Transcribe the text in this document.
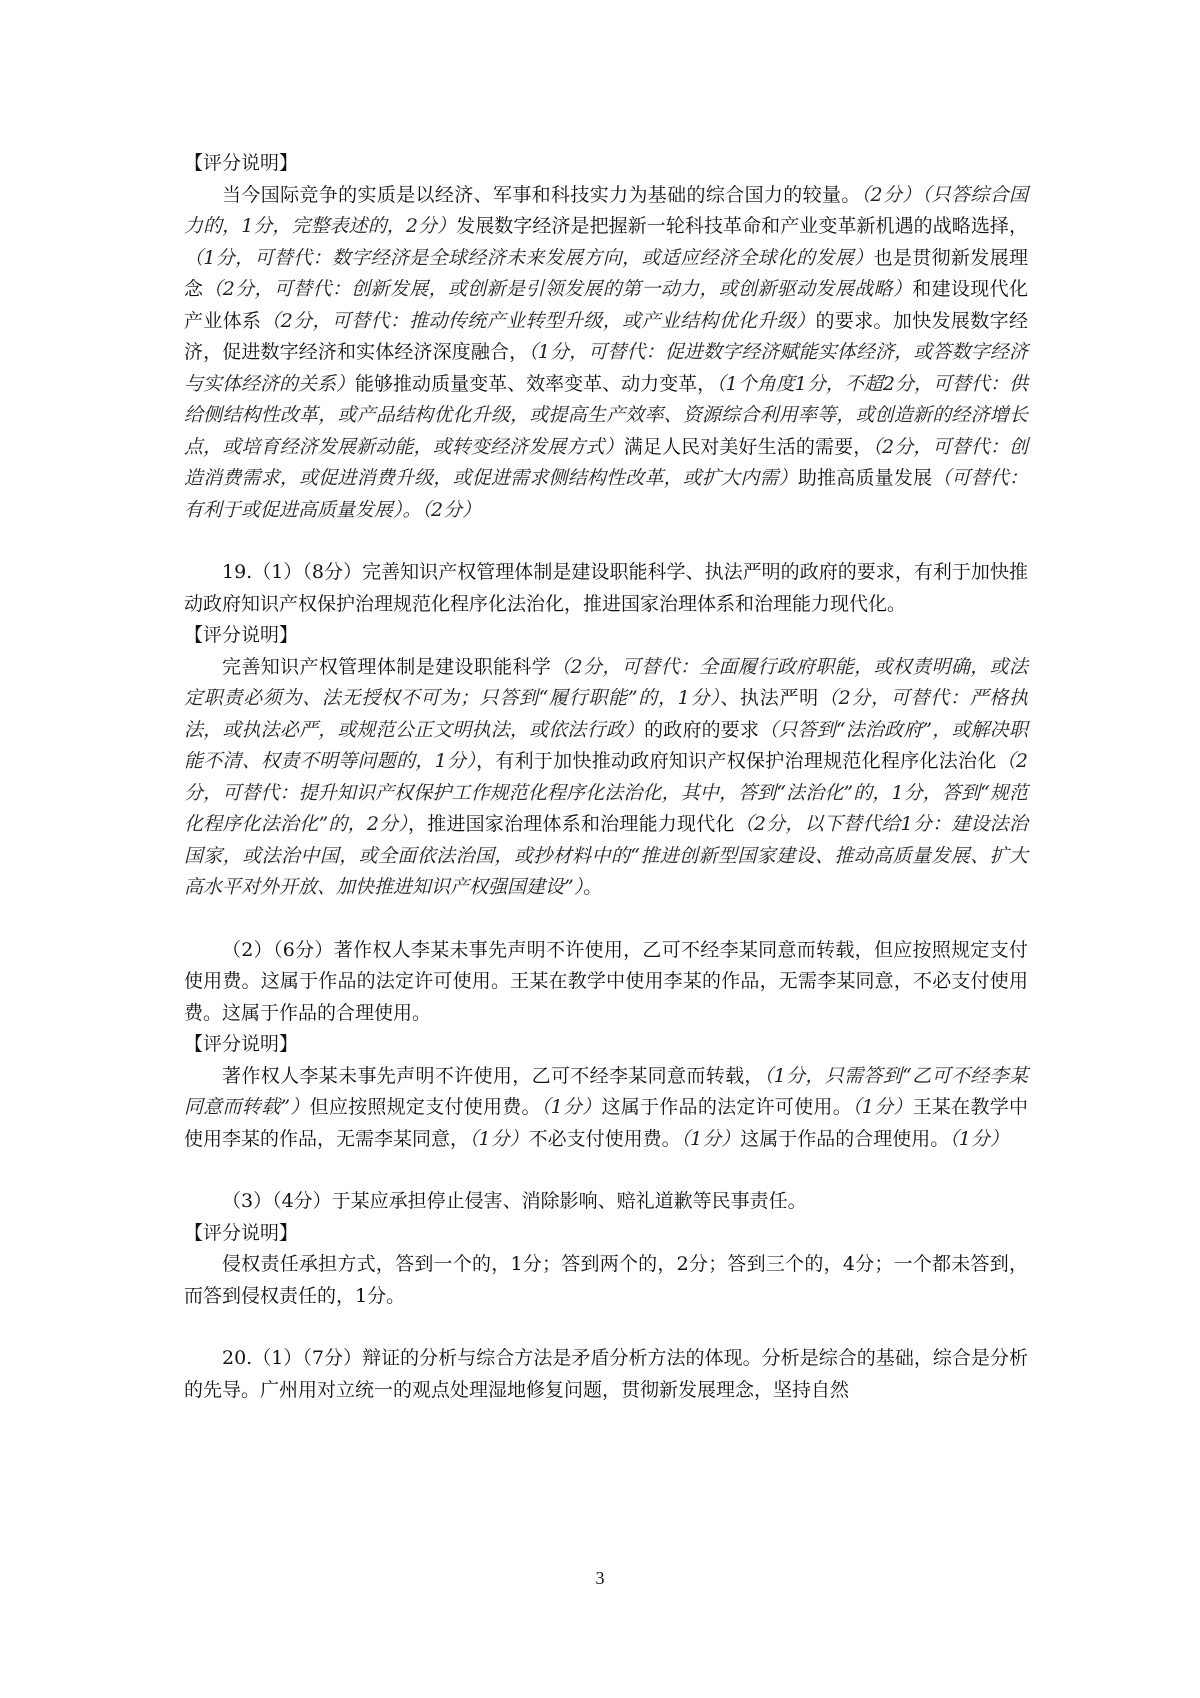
【评分说明】

当今国际竞争的实质是以经济、军事和科技实力为基础的综合国力的较量。（2分）（只答综合国力的，1分，完整表述的，2分）发展数字经济是把握新一轮科技革命和产业变革新机遇的战略选择，（1分，可替代：数字经济是全球经济未来发展方向，或适应经济全球化的发展）也是贯彻新发展理念（2分，可替代：创新发展，或创新是引领发展的第一动力，或创新驱动发展战略）和建设现代化产业体系（2分，可替代：推动传统产业转型升级，或产业结构优化升级）的要求。加快发展数字经济，促进数字经济和实体经济深度融合，（1分，可替代：促进数字经济赋能实体经济，或答数字经济与实体经济的关系）能够推动质量变革、效率变革、动力变革，（1个角度1分，不超2分，可替代：供给侧结构性改革，或产品结构优化升级，或提高生产效率、资源综合利用率等，或创造新的经济增长点，或培育经济发展新动能，或转变经济发展方式）满足人民对美好生活的需要，（2分，可替代：创造消费需求，或促进消费升级，或促进需求侧结构性改革，或扩大内需）助推高质量发展（可替代：有利于或促进高质量发展）。（2分）

19.（1）（8分）完善知识产权管理体制是建设职能科学、执法严明的政府的要求，有利于加快推动政府知识产权保护治理规范化程序化法治化，推进国家治理体系和治理能力现代化。

【评分说明】

完善知识产权管理体制是建设职能科学（2分，可替代：全面履行政府职能，或权责明确，或法定职责必须为、法无授权不可为；只答到“履行职能”的，1分）、执法严明（2分，可替代：严格执法，或执法必严，或规范公正文明执法，或依法行政）的政府的要求（只答到“法治政府”，或解决职能不清、权责不明等问题的，1分），有利于加快推动政府知识产权保护治理规范化程序化法治化（2分，可替代：提升知识产权保护工作规范化程序化法治化，其中，答到“法治化”的，1分，答到“规范化程序化法治化”的，2分），推进国家治理体系和治理能力现代化（2分，以下替代给1分：建设法治国家，或法治中国，或全面依法治国，或抄材料中的“推进创新型国家建设、推动高质量发展、扩大高水平对外开放、加快推进知识产权强国建设”）。

（2）（6分）著作权人李某未事先声明不许使用，乙可不经李某同意而转载，但应按照规定支付使用费。这属于作品的法定许可使用。王某在教学中使用李某的作品，无需李某同意，不必支付使用费。这属于作品的合理使用。

【评分说明】

著作权人李某未事先声明不许使用，乙可不经李某同意而转载，（1分，只需答到“乙可不经李某同意而转载”）但应按照规定支付使用费。（1分）这属于作品的法定许可使用。（1分）王某在教学中使用李某的作品，无需李某同意，（1分）不必支付使用费。（1分）这属于作品的合理使用。（1分）

（3）（4分）于某应承担停止侵害、消除影响、赔礼道歉等民事责任。

【评分说明】

侵权责任承担方式，答到一个的，1分；答到两个的，2分；答到三个的，4分；一个都未答到，而答到侵权责任的，1分。

20.（1）（7分）辩证的分析与综合方法是矛盾分析方法的体现。分析是综合的基础，综合是分析的先导。广州用对立统一的观点处理湿地修复问题，贯彻新发展理念，坚持自然

3
